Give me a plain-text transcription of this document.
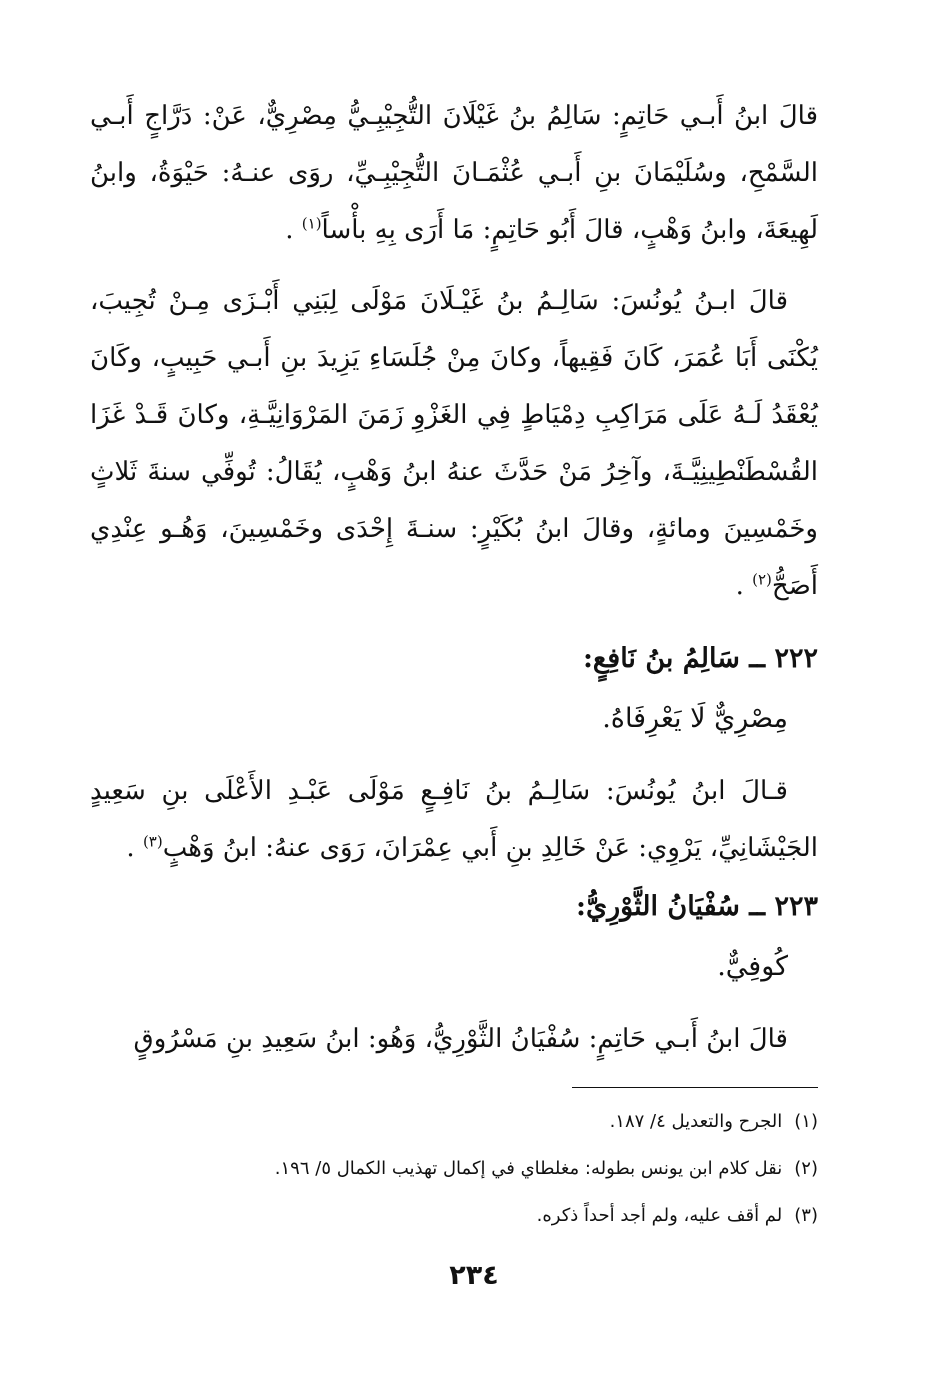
قالَ ابنُ أَبـي حَاتِمٍ: سَالِمُ بنُ غَيْلَانَ التُّجِيْبِـيُّ مِصْرِيٌّ، عَنْ: دَرَّاجٍ أَبـي السَّمْحِ، وسُلَيْمَانَ بنِ أَبـي عُثْمَـانَ التُّجِيْبِـيِّ، روَى عنـهُ: حَيْوَةُ، وابنُ لَهِيعَةَ، وابنُ وَهْبٍ، قالَ أَبُو حَاتِمٍ: مَا أَرَى بِهِ بأْساً$^{(١)}$ .

قالَ ابـنُ يُونُسَ: سَالِـمُ بنُ غَيْـلَانَ مَوْلَى لِبَنِي أَبْـزَى مِـنْ تُجِيبَ، يُكْنَى أَبَا عُمَرَ، كَانَ فَقِيهاً، وكانَ مِنْ جُلَسَاءِ يَزِيدَ بنِ أَبـي حَبِيبٍ، وكَانَ يُعْقَدُ لَـهُ عَلَى مَرَاكِبِ دِمْيَاطٍ فِي الغَزْوِ زَمَنَ المَرْوَانِيَّـةِ، وكانَ قَـدْ غَزَا القُسْطَنْطِينِيَّـةَ، وآخِرُ مَنْ حَدَّثَ عنهُ ابنُ وَهْبٍ، يُقَالُ: تُوفِّي سنةَ ثَلاثٍ وخَمْسِينَ ومائةٍ، وقالَ ابنُ بُكَيْرٍ: سنـةَ إِحْدَى وخَمْسِينَ، وَهُـو عِنْدِي أَصَحُّ$^{(٢)}$ .

٢٢٢ ــ سَالِمُ بنُ نَافِعٍ:

مِصْرِيٌّ لَا يَعْرِفَاهُ.

قـالَ ابنُ يُونُسَ: سَالِـمُ بنُ نَافِـعٍ مَوْلَى عَبْـدِ الأَعْلَى بنِ سَعِيدٍ الجَيْشَانِيِّ، يَرْوِي: عَنْ خَالِدِ بنِ أَبي عِمْرَانَ، رَوَى عنهُ: ابنُ وَهْبٍ$^{(٣)}$ .

٢٢٣ ــ سُفْيَانُ الثَّوْرِيُّ:

كُوفِيٌّ.

قالَ ابنُ أَبـي حَاتِمٍ: سُفْيَانُ الثَّوْرِيُّ، وَهُو: ابنُ سَعِيدِ بنِ مَسْرُوقٍ

(١)الجرح والتعديل ٤/ ١٨٧.

(٢)نقل كلام ابن يونس بطوله: مغلطاي في إكمال تهذيب الكمال ٥/ ١٩٦.

(٣)لم أقف عليه، ولم أجد أحداً ذكره.

٢٣٤
